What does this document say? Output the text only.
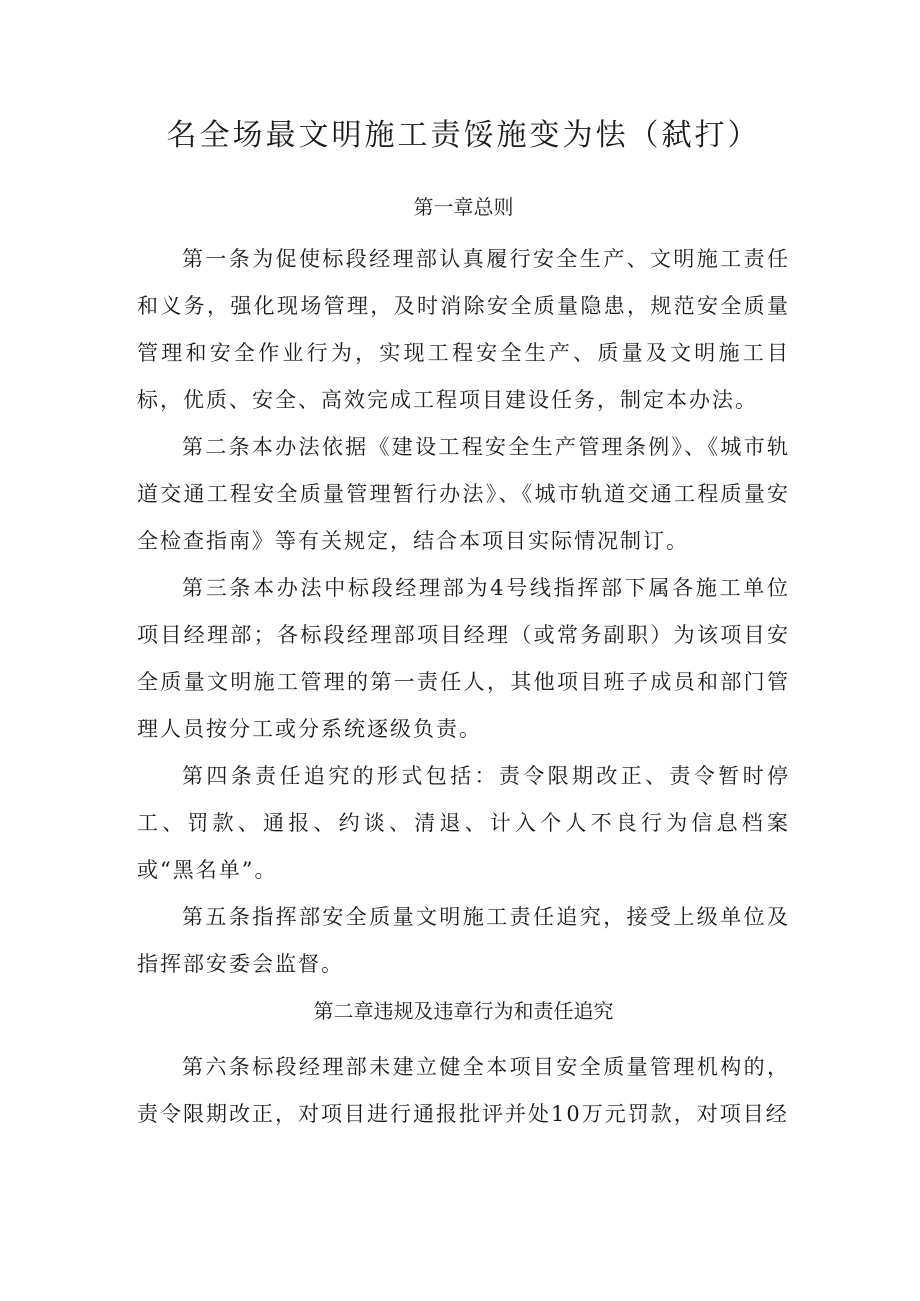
名全场最文明施工责馁施变为怯（弑打）
第一章总则

第一条为促使标段经理部认真履行安全生产、文明施工责任和义务，强化现场管理，及时消除安全质量隐患，规范安全质量管理和安全作业行为，实现工程安全生产、质量及文明施工目标，优质、安全、高效完成工程项目建设任务，制定本办法。

第二条本办法依据《建设工程安全生产管理条例》、《城市轨道交通工程安全质量管理暂行办法》、《城市轨道交通工程质量安全检查指南》等有关规定，结合本项目实际情况制订。

第三条本办法中标段经理部为4号线指挥部下属各施工单位项目经理部；各标段经理部项目经理（或常务副职）为该项目安全质量文明施工管理的第一责任人，其他项目班子成员和部门管理人员按分工或分系统逐级负责。

第四条责任追究的形式包括：责令限期改正、责令暂时停工、罚款、通报、约谈、清退、计入个人不良行为信息档案或“黑名单”。

第五条指挥部安全质量文明施工责任追究，接受上级单位及指挥部安委会监督。

第二章违规及违章行为和责任追究

第六条标段经理部未建立健全本项目安全质量管理机构的，责令限期改正，对项目进行通报批评并处10万元罚款，对项目经
